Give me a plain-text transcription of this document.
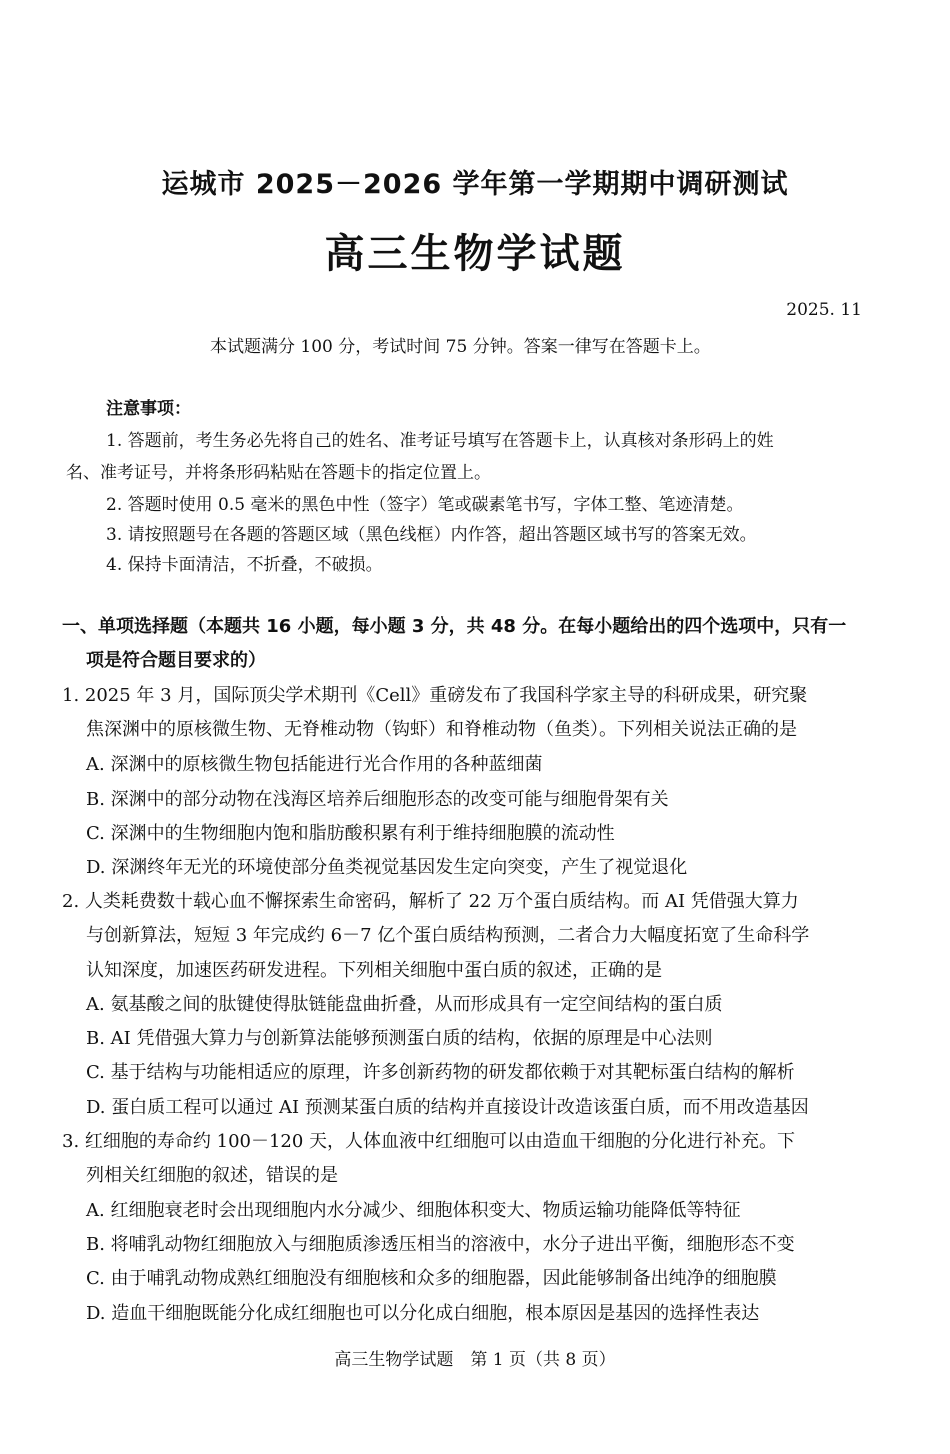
运城市 2025－2026 学年第一学期期中调研测试
高三生物学试题
2025. 11
本试题满分 100 分，考试时间 75 分钟。答案一律写在答题卡上。
注意事项：
1. 答题前，考生务必先将自己的姓名、准考证号填写在答题卡上，认真核对条形码上的姓
名、准考证号，并将条形码粘贴在答题卡的指定位置上。
2. 答题时使用 0.5 毫米的黑色中性（签字）笔或碳素笔书写，字体工整、笔迹清楚。
3. 请按照题号在各题的答题区域（黑色线框）内作答，超出答题区域书写的答案无效。
4. 保持卡面清洁，不折叠，不破损。
一、单项选择题（本题共 16 小题，每小题 3 分，共 48 分。在每小题给出的四个选项中，只有一
项是符合题目要求的）
1. 2025 年 3 月，国际顶尖学术期刊《Cell》重磅发布了我国科学家主导的科研成果，研究聚
焦深渊中的原核微生物、无脊椎动物（钩虾）和脊椎动物（鱼类）。下列相关说法正确的是
A. 深渊中的原核微生物包括能进行光合作用的各种蓝细菌
B. 深渊中的部分动物在浅海区培养后细胞形态的改变可能与细胞骨架有关
C. 深渊中的生物细胞内饱和脂肪酸积累有利于维持细胞膜的流动性
D. 深渊终年无光的环境使部分鱼类视觉基因发生定向突变，产生了视觉退化
2. 人类耗费数十载心血不懈探索生命密码，解析了 22 万个蛋白质结构。而 AI 凭借强大算力
与创新算法，短短 3 年完成约 6－7 亿个蛋白质结构预测，二者合力大幅度拓宽了生命科学
认知深度，加速医药研发进程。下列相关细胞中蛋白质的叙述，正确的是
A. 氨基酸之间的肽键使得肽链能盘曲折叠，从而形成具有一定空间结构的蛋白质
B. AI 凭借强大算力与创新算法能够预测蛋白质的结构，依据的原理是中心法则
C. 基于结构与功能相适应的原理，许多创新药物的研发都依赖于对其靶标蛋白结构的解析
D. 蛋白质工程可以通过 AI 预测某蛋白质的结构并直接设计改造该蛋白质，而不用改造基因
3. 红细胞的寿命约 100－120 天，人体血液中红细胞可以由造血干细胞的分化进行补充。下
列相关红细胞的叙述，错误的是
A. 红细胞衰老时会出现细胞内水分减少、细胞体积变大、物质运输功能降低等特征
B. 将哺乳动物红细胞放入与细胞质渗透压相当的溶液中，水分子进出平衡，细胞形态不变
C. 由于哺乳动物成熟红细胞没有细胞核和众多的细胞器，因此能够制备出纯净的细胞膜
D. 造血干细胞既能分化成红细胞也可以分化成白细胞，根本原因是基因的选择性表达
高三生物学试题　第 1 页（共 8 页）
